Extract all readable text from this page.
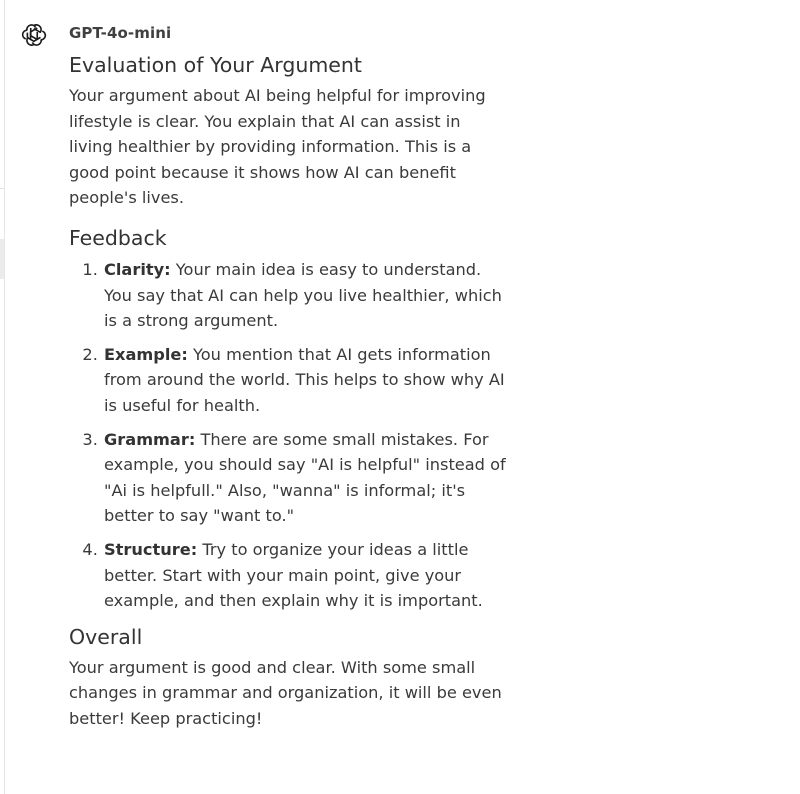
GPT-4o-mini
Evaluation of Your Argument

Your argument about AI being helpful for improving lifestyle is clear. You explain that AI can assist in living healthier by providing information. This is a good point because it shows how AI can benefit people's lives.

Feedback
1. Clarity: Your main idea is easy to understand. You say that AI can help you live healthier, which is a strong argument.
2. Example: You mention that AI gets information from around the world. This helps to show why AI is useful for health.
3. Grammar: There are some small mistakes. For example, you should say "AI is helpful" instead of "Ai is helpfull." Also, "wanna" is informal; it's better to say "want to."
4. Structure: Try to organize your ideas a little better. Start with your main point, give your example, and then explain why it is important.
Overall

Your argument is good and clear. With some small changes in grammar and organization, it will be even better! Keep practicing!
